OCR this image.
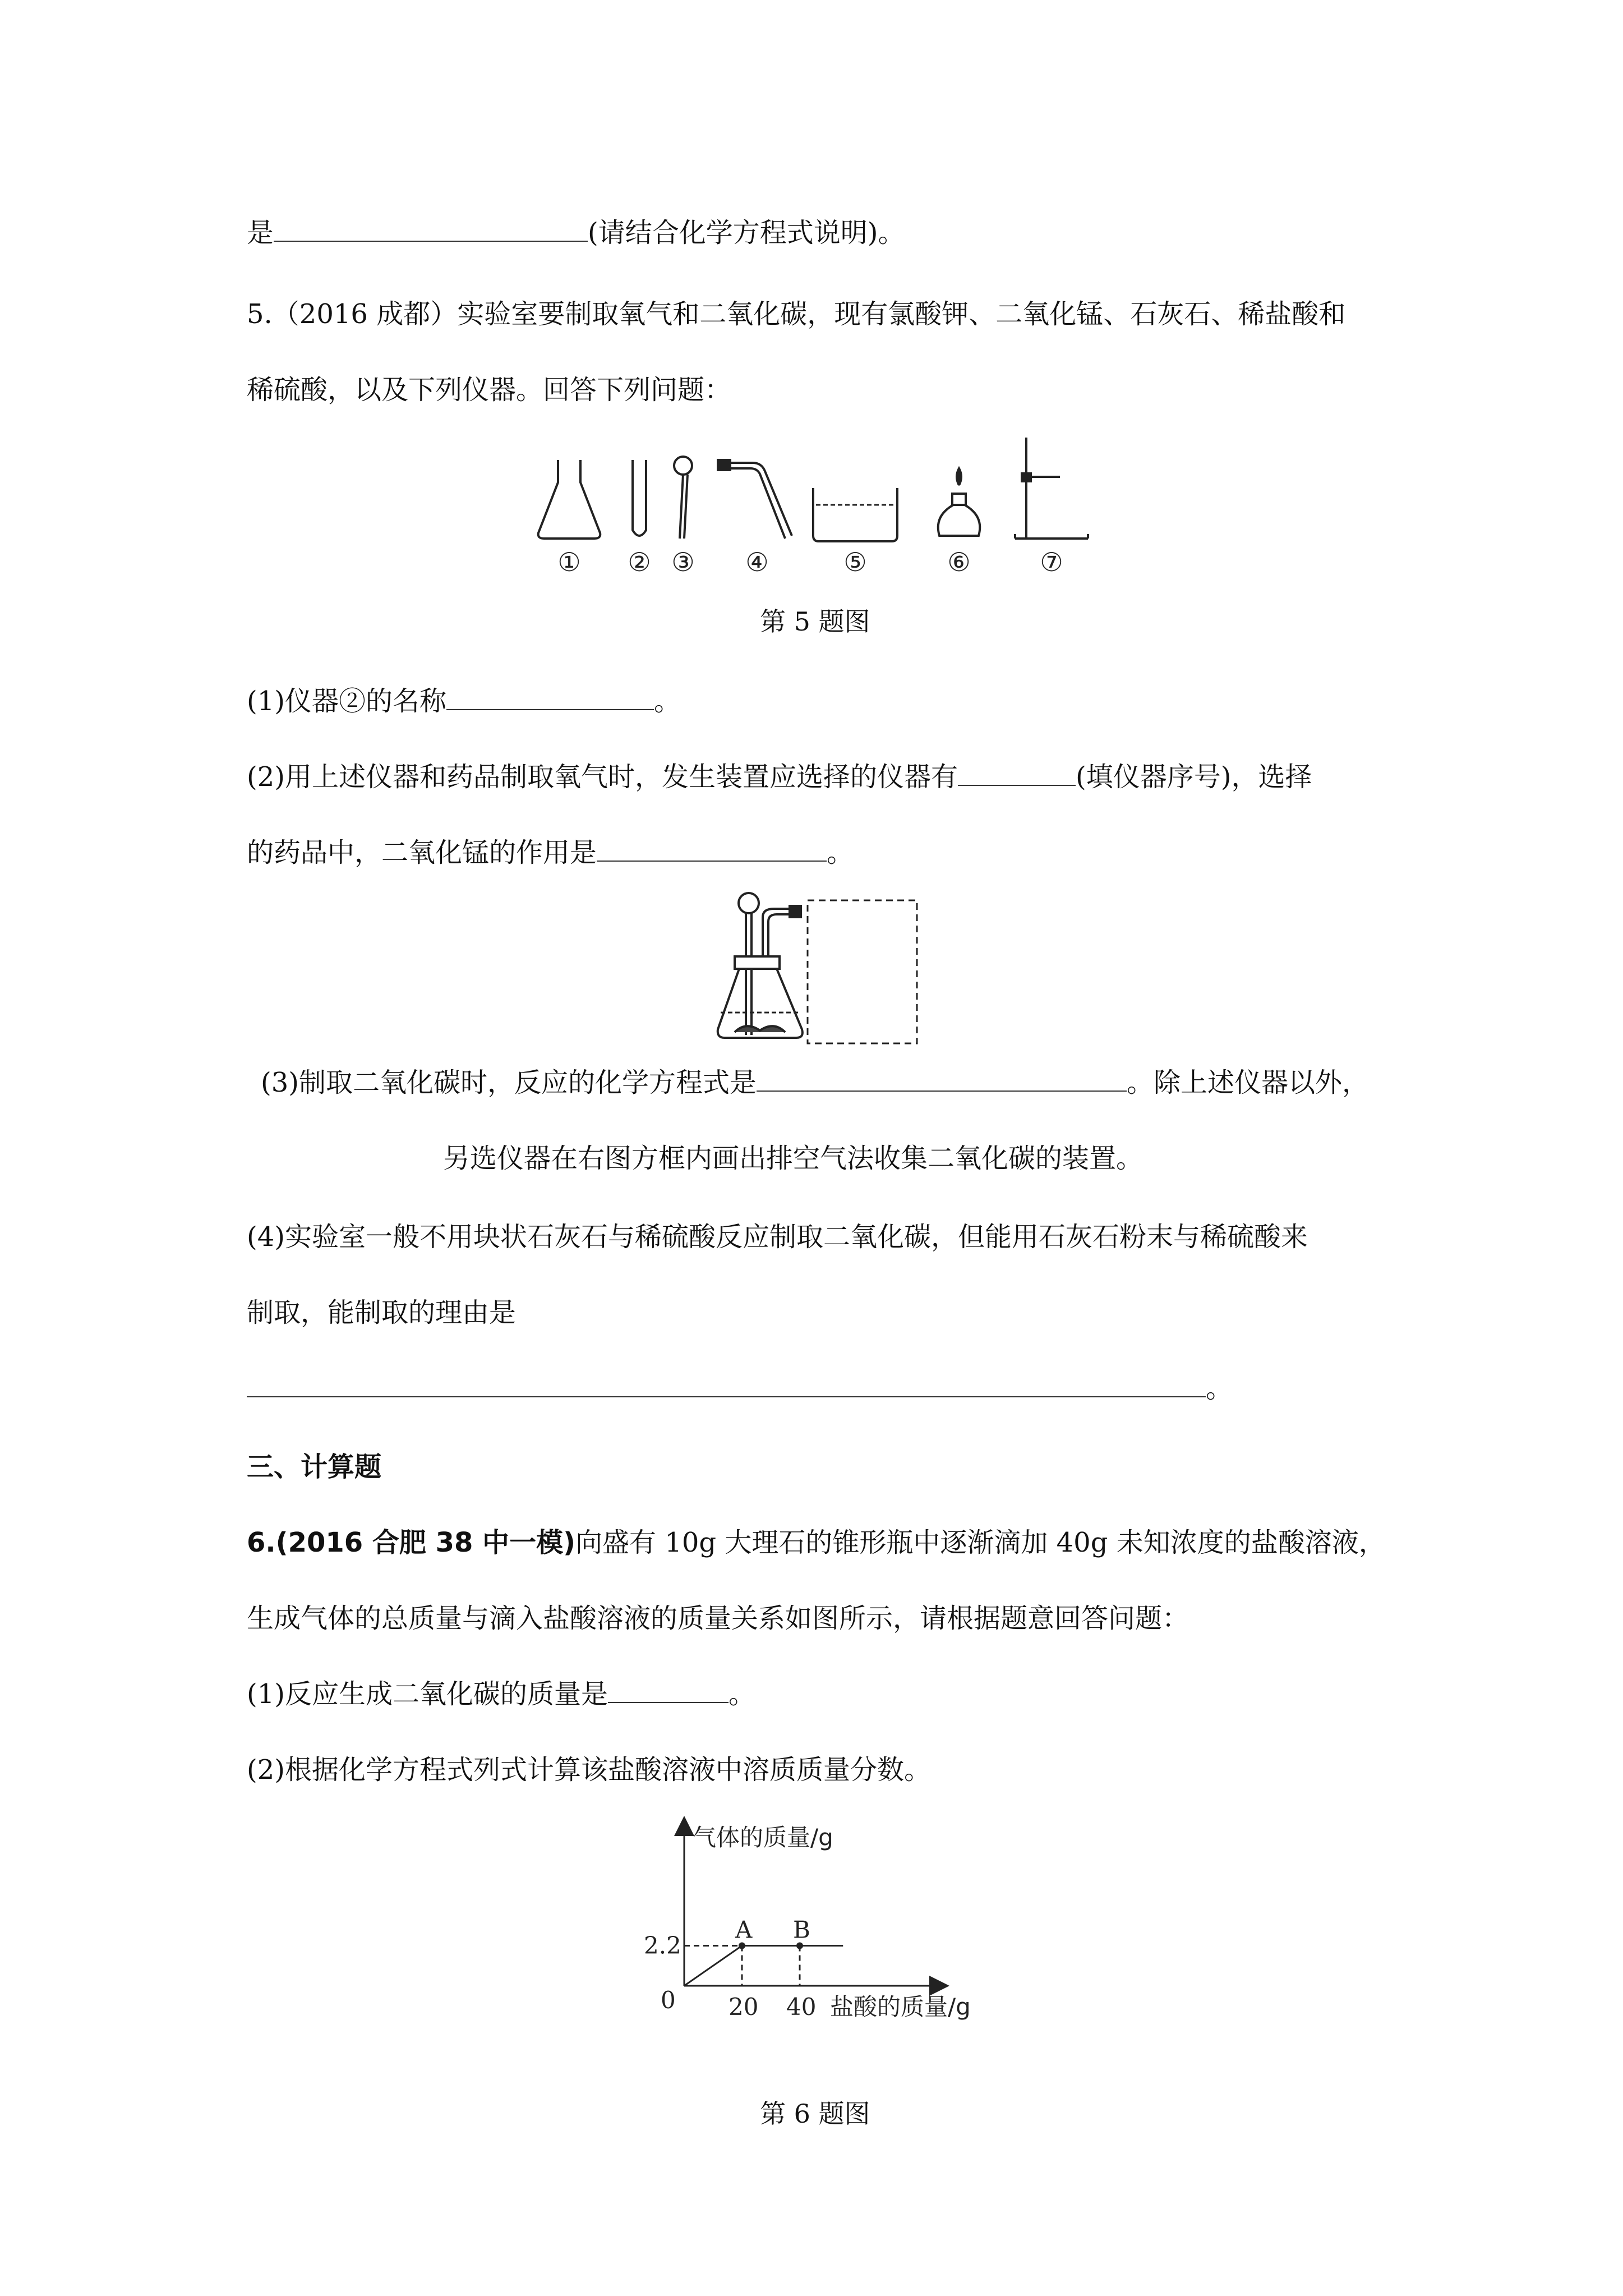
是	(请结合化学方程式说明)。
5.（2016 成都）实验室要制取氧气和二氧化碳，现有氯酸钾、二氧化锰、石灰石、稀盐酸和
稀硫酸，以及下列仪器。回答下列问题：
① ② ③ ④	⑤	⑥	⑦
第 5 题图
(1)仪器②的名称	。
(2)用上述仪器和药品制取氧气时，发生装置应选择的仪器有	(填仪器序号)，选择
的药品中，二氧化锰的作用是	。
(3)制取二氧化碳时，反应的化学方程式是	。除上述仪器以外，
另选仪器在右图方框内画出排空气法收集二氧化碳的装置。
(4)实验室一般不用块状石灰石与稀硫酸反应制取二氧化碳，但能用石灰石粉末与稀硫酸来
制取，能制取的理由是
。
三、计算题
6.(2016 合肥 38 中一模)向盛有 10g 大理石的锥形瓶中逐渐滴加 40g 未知浓度的盐酸溶液，
生成气体的总质量与滴入盐酸溶液的质量关系如图所示，请根据题意回答问题：
(1)反应生成二氧化碳的质量是	。
(2)根据化学方程式列式计算该盐酸溶液中溶质质量分数。
气体的质量/g
盐酸的质量/g
0
2.2
A
20
B
40
第 6 题图
